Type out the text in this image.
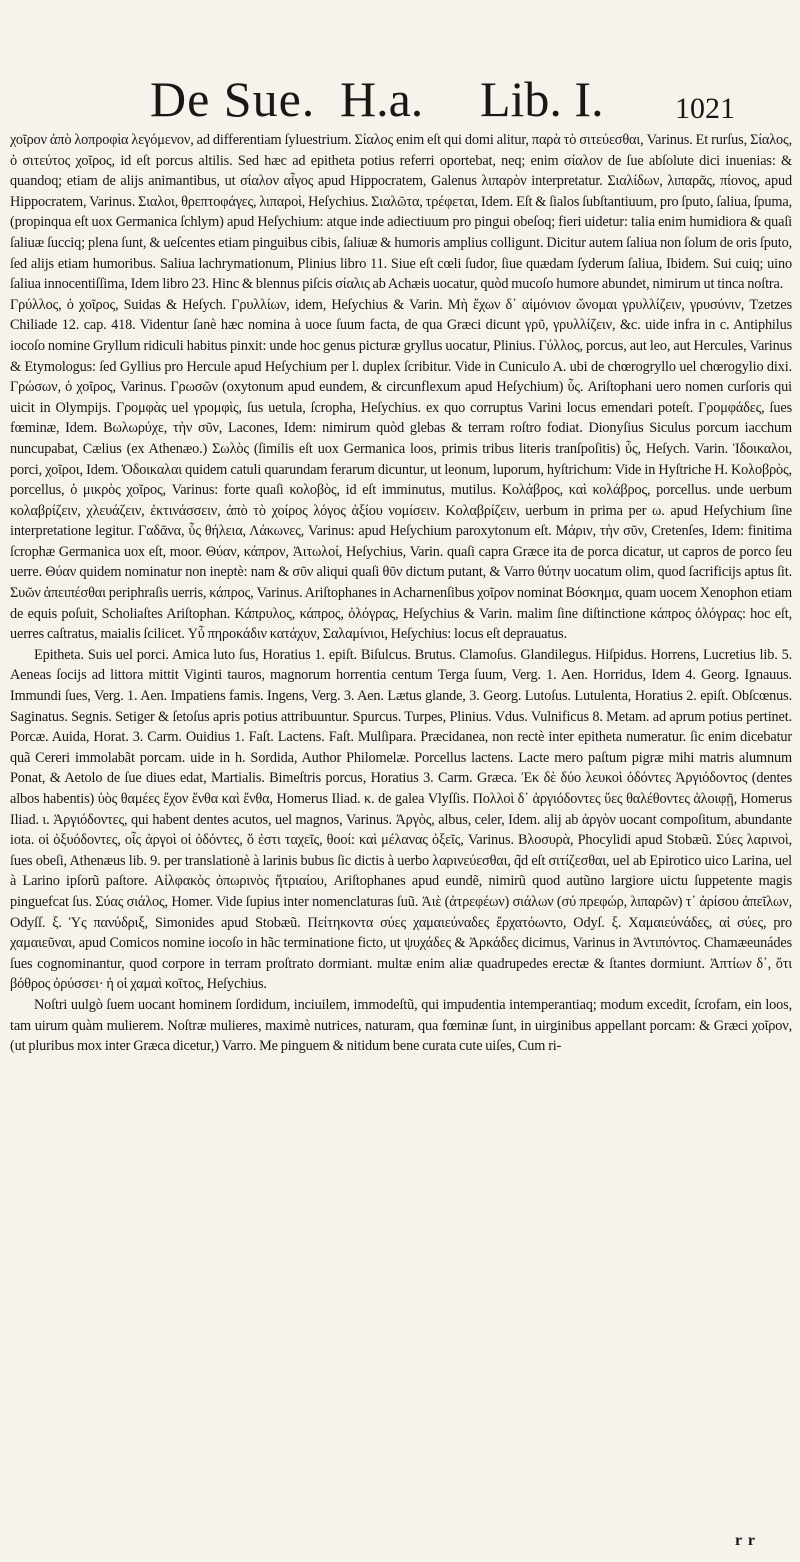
De Sue. H.a. Lib. I. 1021

χοῖρον ἀπὸ λοπροφὶα λεγόμενον, ad differentiam ſyluestrium. Σίαλος enim eſt qui domi alitur, παρὰ τὸ σιτεύεσθαι, Varinus. Et rurſus, Σίαλος, ὁ σιτεύτος χοῖρος, id eſt porcus altilis. Sed hæc ad epitheta potius referri oportebat, neq; enim σίαλον de ſue abſolute dici inuenias: & quandoq; etiam de alijs animantibus, ut σίαλον αἶγος apud Hippocratem, Galenus λιπαρὸν interpretatur. Σιαλίδων, λιπαρᾶς, πίονος, apud Hippocratem, Varinus. Σιαλοι, θρεπτοφάγες, λιπαροὶ, Heſychius. Σιαλῶτα, τρέφεται, Idem. Eſt & ſialos ſubſtantiuum, pro ſputo, ſaliua, ſpuma, (propinqua eſt uox Germanica ſchlym) apud Heſychium: atque inde adiectiuum pro pingui obeſoq; fieri uidetur: talia enim humidiora & quaſi ſaliuæ ſucciq; plena ſunt, & ueſcentes etiam pinguibus cibis, ſaliuæ & humoris amplius colligunt. Dicitur autem ſaliua non ſolum de oris ſputo, ſed alijs etiam humoribus. Saliua lachrymationum, Plinius libro 11. Siue eſt cœli ſudor, ſiue quædam ſyderum ſaliua, Ibidem. Sui cuiq; uino ſaliua innocentiſſima, Idem libro 23. Hinc & blennus piſcis σίαλις ab Achæis uocatur, quòd mucoſo humore abundet, nimirum ut tinca noſtra.

Γρύλλος, ὁ χοῖρος, Suidas & Heſych. Γρυλλίων, idem, Heſychius & Varin. Μὴ ἔχων δ᾽ αἰμόνιον ὤνομαι γρυλλίζειν, γρυσύνιν, Tzetzes Chiliade 12. cap. 418. Videntur ſanè hæc nomina à uoce ſuum facta, de qua Græci dicunt γρῦ, γρυλλίζειν, &c. uide infra in c. Antiphilus iocoſo nomine Gryllum ridiculi habitus pinxit: unde hoc genus picturæ gryllus uocatur, Plinius. Γύλλος, porcus, aut leo, aut Hercules, Varinus & Etymologus: ſed Gyllius pro Hercule apud Heſychium per l. duplex ſcribitur. Vide in Cuniculo A. ubi de chœrogryllo uel chœrogylio dixi. Γρώσων, ὁ χοῖρος, Varinus. Γρωσῶν (oxytonum apud eundem, & circunflexum apud Heſychium) ὗς. Ariſtophani uero nomen curſoris qui uicit in Olympijs. Γρομφὰς uel γρομφὶς, ſus uetula, ſcropha, Heſychius. ex quo corruptus Varini locus emendari poteſt. Γρομφάδες, ſues fœminæ, Idem. Βωλωρύχε, τὴν σῦν, Lacones, Idem: nimirum quòd glebas & terram roſtro fodiat. Dionyſius Siculus porcum iacchum nuncupabat, Cælius (ex Athenæo.) Σωλὸς (ſimilis eſt uox Germanica loos, primis tribus literis tranſpoſitis) ὗς, Heſych. Varin. Ἱδοικαλοι, porci, χοῖροι, Idem. Ὀδοικαλαι quidem catuli quarundam ferarum dicuntur, ut leonum, luporum, hyſtrichum: Vide in Hyſtriche H. Κολοβρὸς, porcellus, ὁ μικρὸς χοῖρος, Varinus: forte quaſi κολοβὸς, id eſt imminutus, mutilus. Κολάβρος, καὶ κολάβρος, porcellus. unde uerbum κολαβρίζειν, χλευάζειν, ἐκτινάσσειν, ἀπὸ τὸ χοίρος λόγος ἀξίου νομίσειν. Κολαβρίζειν, uerbum in prima per ω. apud Heſychium ſine interpretatione legitur. Γαδᾶνα, ὗς θήλεια, Λάκωνες, Varinus: apud Heſychium paroxytonum eſt. Μάριν, τὴν σῦν, Cretenſes, Idem: finitima ſcrophæ Germanica uox eſt, moor. Θύαν, κάπρον, Ἀιτωλοί, Heſychius, Varin. quaſi capra Græce ita de porca dicatur, ut capros de porco ſeu uerre. Θύαν quidem nominatur non ineptè: nam & σῦν aliqui quaſi θῦν dictum putant, & Varro θύτην uocatum olim, quod ſacrificijs aptus ſit. Συῶν ἀπειπέσθαι periphraſis uerris, κάπρος, Varinus. Ariſtophanes in Acharnenſibus χοῖρον nominat Βόσκημα, quam uocem Xenophon etiam de equis poſuit, Scholiaſtes Ariſtophan. Κάπρυλος, κάπρος, ὀλόγρας, Heſychius & Varin. malim ſine diſtinctione κάπρος ὀλόγρας: hoc eſt, uerres caſtratus, maialis ſcilicet. Υὗ πηροκάδιν κατάχυν, Σαλαμίνιοι, Heſychius: locus eſt deprauatus.

Epitheta. Suis uel porci. Amica luto ſus, Horatius 1. epiſt. Biſulcus. Brutus. Clamoſus. Glandilegus. Hiſpidus. Horrens, Lucretius lib. 5. Aeneas ſocijs ad littora mittit Viginti tauros, magnorum horrentia centum Terga ſuum, Verg. 1. Aen. Horridus, Idem 4. Georg. Ignauus. Immundi ſues, Verg. 1. Aen. Impatiens famis. Ingens, Verg. 3. Aen. Lætus glande, 3. Georg. Lutoſus. Lutulenta, Horatius 2. epiſt. Obſcœnus. Saginatus. Segnis. Setiger & ſetoſus apris potius attribuuntur. Spurcus. Turpes, Plinius. Vdus. Vulnificus 8. Metam. ad aprum potius pertinet. Porcæ. Auida, Horat. 3. Carm. Ouidius 1. Faſt. Lactens. Faſt. Mulſipara. Præcidanea, non rectè inter epitheta numeratur. ſic enim dicebatur quã Cereri immolabãt porcam. uide in h. Sordida, Author Philomelæ. Porcellus lactens. Lacte mero paſtum pigræ mihi matris alumnum Ponat, & Aetolo de ſue diues edat, Martialis. Bimeſtris porcus, Horatius 3. Carm. Græca. Ἐκ δὲ δύο λευκοὶ ὀδόντες Ἀργιόδοντος (dentes albos habentis) ὑὸς θαμέες ἔχον ἔνθα καὶ ἔνθα, Homerus Iliad. κ. de galea Vlyſſis. Πολλοὶ δ᾽ ἀργιόδοντες ὕες θαλέθοντες ἀλοιφῇ, Homerus Iliad. ι. Ἀργιόδοντες, qui habent dentes acutos, uel magnos, Varinus. Ἀργὸς, albus, celer, Idem. alij ab ἀργὸν uocant compoſitum, abundante iota. οἱ ὀξυόδοντες, οἷς ἀργοὶ οἱ ὀδόντες, ὅ ἐστι ταχεῖς, θοοί: καὶ μέλανας ὀξεῖς, Varinus. Βλοσυρὰ, Phocylidi apud Stobæũ. Σύες λαρινοὶ, ſues obeſi, Athenæus lib. 9. per translationè à larinis bubus ſic dictis à uerbo λαρινεύεσθαι, q̃d eſt σιτίζεσθαι, uel ab Epirotico uico Larina, uel à Larino ipſorũ paſtore. Αἰλφακὸς ὀπωρινὸς ἥτριαίου, Ariſtophanes apud eundẽ, nimirũ quod autũno largiore uictu ſuppetente magis pinguefcat ſus. Σύας σιάλος, Homer. Vide ſupius inter nomenclaturas ſuũ. Ἀιὲ (ἀτρεφέων) σιάλων (σύ πρεφώρ, λιπαρῶν) τ᾽ ἀρίσου ἀπεῖλων, Odyſſ. ξ. Ὑς πανύδριξ, Simonides apud Stobæũ. Πείτηκοντα σύες χαμαιεύναδες ἔρχατόωντο, Odyſ. ξ. Χαμαιεύνάδες, αἱ σύες, pro χαμαιεῦναι, apud Comicos nomine iocoſo in hãc terminatione ficto, ut ψυχάδες & Ἀρκάδες dicimus, Varinus in Ἀντιπόντος. Chamæeunádes ſues cognominantur, quod corpore in terram proſtrato dormiant. multæ enim aliæ quadrupedes erectæ & ſtantes dormiunt. Ἀπτίων δ᾽, ὅτι βόθρος ὀρύσσει· ἡ οἱ χαμαὶ κοῖτος, Heſychius.

Noſtri uulgò ſuem uocant hominem ſordidum, inciuilem, immodeſtũ, qui impudentia intemperantiaq; modum excedit, ſcrofam, ein loos, tam uirum quàm mulierem. Noſtræ mulieres, maximè nutrices, naturam, qua fœminæ ſunt, in uirginibus appellant porcam: & Græci χοῖρον, (ut pluribus mox inter Græca dicetur,) Varro. Me pinguem & nitidum bene curata cute uiſes, Cum ri-

r r
